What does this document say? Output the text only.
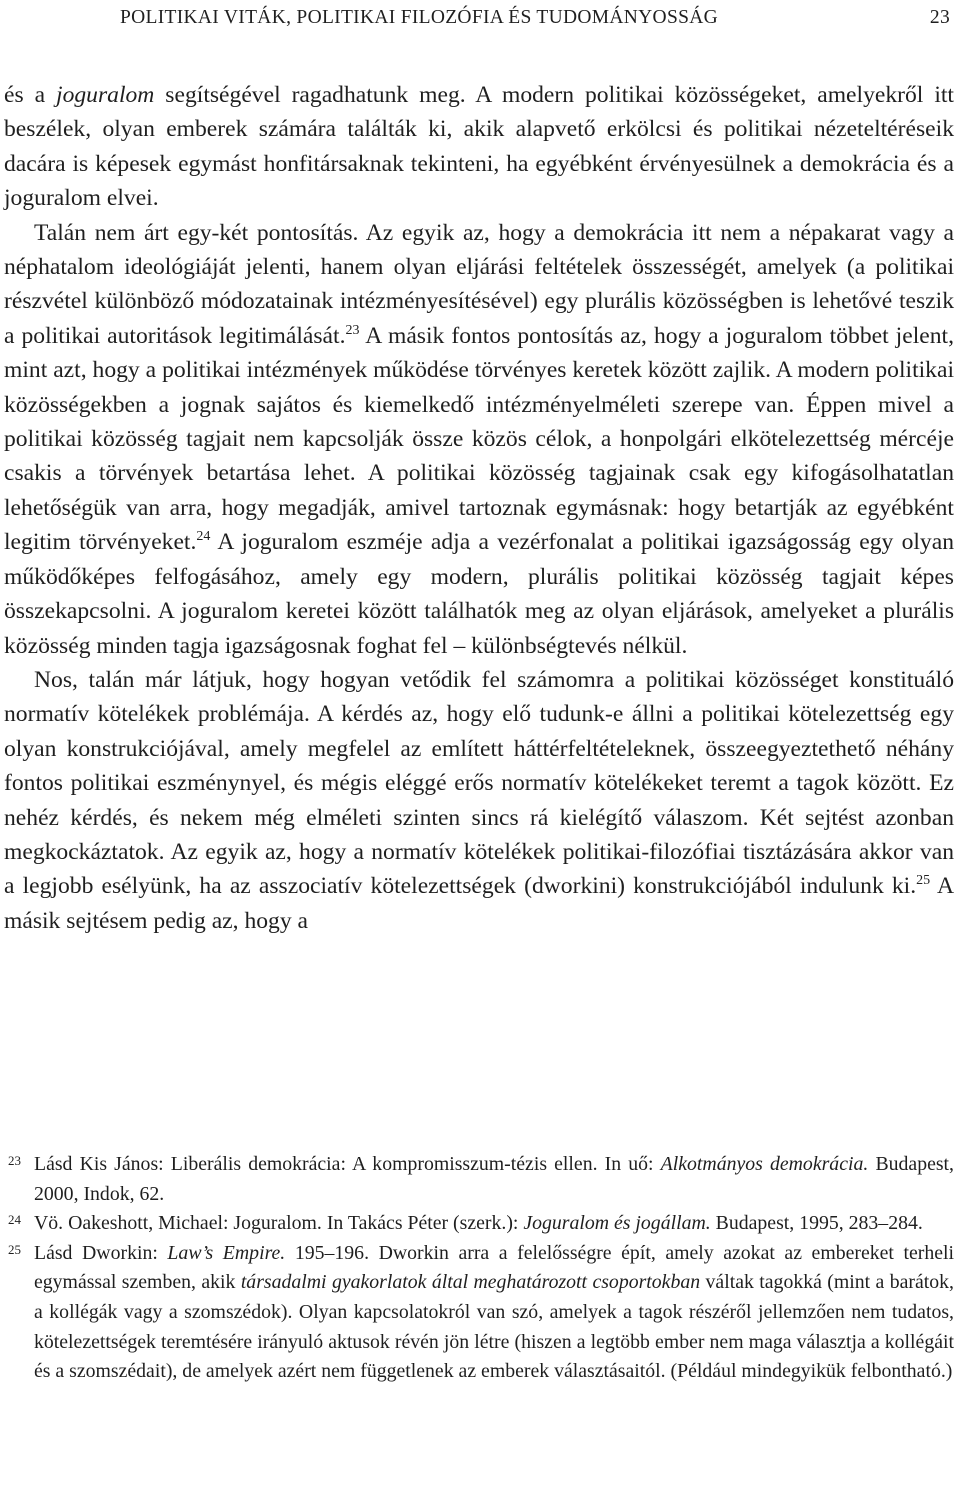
POLITIKAI VITÁK, POLITIKAI FILOZÓFIA ÉS TUDOMÁNYOSSÁG	23

és a joguralom segítségével ragadhatunk meg. A modern politikai közösségeket, amelyekről itt beszélek, olyan emberek számára találták ki, akik alapvető erkölcsi és politikai nézeteltéréseik dacára is képesek egymást honfitársaknak tekinteni, ha egyébként érvényesülnek a demokrácia és a joguralom elvei.

Talán nem árt egy-két pontosítás. Az egyik az, hogy a demokrácia itt nem a népakarat vagy a néphatalom ideológiáját jelenti, hanem olyan eljárási feltételek összességét, amelyek (a politikai részvétel különböző módozatainak intézményesítésével) egy plurális közösségben is lehetővé teszik a politikai autoritások legitimálását.$^{23}$ A másik fontos pontosítás az, hogy a joguralom többet jelent, mint azt, hogy a politikai intézmények működése törvényes keretek között zajlik. A modern politikai közösségekben a jognak sajátos és kiemelkedő intézményelméleti szerepe van. Éppen mivel a politikai közösség tagjait nem kapcsolják össze közös célok, a honpolgári elkötelezettség mércéje csakis a törvények betartása lehet. A politikai közösség tagjainak csak egy kifogásolhatatlan lehetőségük van arra, hogy megadják, amivel tartoznak egymásnak: hogy betartják az egyébként legitim törvényeket.$^{24}$ A joguralom eszméje adja a vezérfonalat a politikai igazságosság egy olyan működőképes felfogásához, amely egy modern, plurális politikai közösség tagjait képes összekapcsolni. A joguralom keretei között találhatók meg az olyan eljárások, amelyeket a plurális közösség minden tagja igazságosnak foghat fel – különbségtevés nélkül.

Nos, talán már látjuk, hogy hogyan vetődik fel számomra a politikai közösséget konstituáló normatív kötelékek problémája. A kérdés az, hogy elő tudunk-e állni a politikai kötelezettség egy olyan konstrukciójával, amely megfelel az említett háttérfeltételeknek, összeegyeztethető néhány fontos politikai eszménynyel, és mégis eléggé erős normatív kötelékeket teremt a tagok között. Ez nehéz kérdés, és nekem még elméleti szinten sincs rá kielégítő válaszom. Két sejtést azonban megkockáztatok. Az egyik az, hogy a normatív kötelékek politikai-filozófiai tisztázására akkor van a legjobb esélyünk, ha az asszociatív kötelezettségek (dworkini) konstrukciójából indulunk ki.$^{25}$ A másik sejtésem pedig az, hogy a

23 Lásd Kis János: Liberális demokrácia: A kompromisszum-tézis ellen. In uő: Alkotmányos demokrácia. Budapest, 2000, Indok, 62.

24 Vö. Oakeshott, Michael: Joguralom. In Takács Péter (szerk.): Joguralom és jogállam. Budapest, 1995, 283–284.

25 Lásd Dworkin: Law’s Empire. 195–196. Dworkin arra a felelősségre épít, amely azokat az embereket terheli egymással szemben, akik társadalmi gyakorlatok által meghatározott csoportokban váltak tagokká (mint a barátok, a kollégák vagy a szomszédok). Olyan kapcsolatokról van szó, amelyek a tagok részéről jellemzően nem tudatos, kötelezettségek teremtésére irányuló aktusok révén jön létre (hiszen a legtöbb ember nem maga választja a kollégáit és a szomszédait), de amelyek azért nem függetlenek az emberek választásaitól. (Például mindegyikük felbontható.)
